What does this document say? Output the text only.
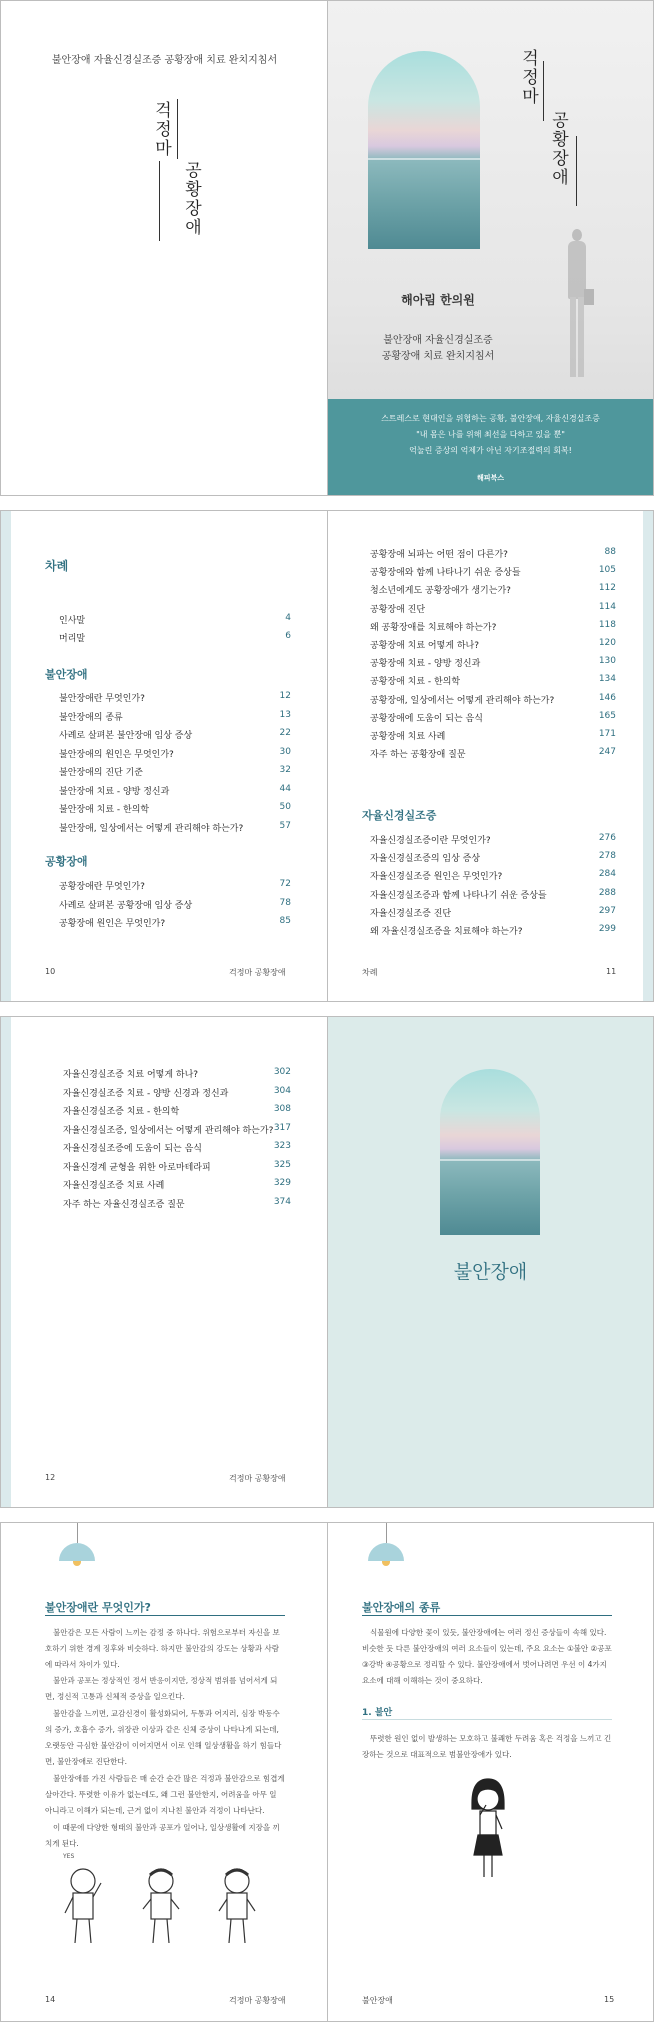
불안장애 자율신경실조증 공황장애 치료 완치지침서
걱정마
공황장애
걱정마
공황장애
해아림 한의원
불안장애 자율신경실조증
공황장애 치료 완치지침서
스트레스로 현대인을 위협하는 공황, 불안장애, 자율신경실조증
"내 몸은 나를 위해 최선을 다하고 있을 뿐"
억눌린 증상의 억제가 아닌 자기조절력의 회복!
해피북스
차례
인사말	4
머리말	6
불안장애
불안장애란 무엇인가?	12
불안장애의 종류	13
사례로 살펴본 불안장애 임상 증상	22
불안장애의 원인은 무엇인가?	30
불안장애의 진단 기준	32
불안장애 치료 - 양방 정신과	44
불안장애 치료 - 한의학	50
불안장애, 일상에서는 어떻게 관리해야 하는가?	57
공황장애
공황장애란 무엇인가?	72
사례로 살펴본 공황장애 임상 증상	78
공황장애 원인은 무엇인가?	85
10	걱정마 공황장애
공황장애 뇌파는 어떤 점이 다른가?	88
공황장애와 함께 나타나기 쉬운 증상들	105
청소년에게도 공황장애가 생기는가?	112
공황장애 진단	114
왜 공황장애를 치료해야 하는가?	118
공황장애 치료 어떻게 하나?	120
공황장애 치료 - 양방 정신과	130
공황장애 치료 - 한의학	134
공황장애, 일상에서는 어떻게 관리해야 하는가?	146
공황장애에 도움이 되는 음식	165
공황장애 치료 사례	171
자주 하는 공황장애 질문	247
자율신경실조증
자율신경실조증이란 무엇인가?	276
자율신경실조증의 임상 증상	278
자율신경실조증 원인은 무엇인가?	284
자율신경실조증과 함께 나타나기 쉬운 증상들	288
자율신경실조증 진단	297
왜 자율신경실조증을 치료해야 하는가?	299
차례	11
자율신경실조증 치료 어떻게 하나?	302
자율신경실조증 치료 - 양방 신경과 정신과	304
자율신경실조증 치료 - 한의학	308
자율신경실조증, 일상에서는 어떻게 관리해야 하는가? 317
자율신경실조증에 도움이 되는 음식	323
자율신경계 균형을 위한 아로마테라피	325
자율신경실조증 치료 사례	329
자주 하는 자율신경실조증 질문	374
12	걱정마 공황장애
불안장애
불안장애란 무엇인가?
불안감은 모든 사람이 느끼는 감정 중 하나다. 위험으로부터 자신을 보호하기 위한 경계 징후와 비슷하다. 하지만 불안감의 강도는 상황과 사람에 따라서 차이가 있다.
불안과 공포는 정상적인 정서 반응이지만, 정상적 범위를 넘어서게 되면, 정신적 고통과 신체적 증상을 일으킨다.
불안감을 느끼면, 교감신경이 활성화되어, 두통과 어지러, 심장 박동수의 증가, 호흡수 증가, 위장관 이상과 같은 신체 증상이 나타나게 되는데, 오랫동안 극심한 불안감이 이어지면서 이로 인해 일상생활을 하기 힘들다면, 불안장애로 진단한다.
불안장애를 가진 사람들은 매 순간 순간 많은 걱정과 불안감으로 힘겹게 살아간다. 뚜렷한 이유가 없는데도, 왜 그런 불안한지, 어려움을 아무 일 아니라고 이해가 되는데, 근거 없이 지나친 불안과 걱정이 나타난다.
이 때문에 다양한 형태의 불안과 공포가 일어나, 일상생활에 지장을 끼치게 된다.
YES
14	걱정마 공황장애
불안장애의 종류
식물원에 다양한 꽃이 있듯, 불안장애에는 여러 정신 증상들이 속해 있다. 비슷한 듯 다른 불안장애의 여러 요소들이 있는데, 주요 요소는 ①불안 ②공포 ③강박 ④공황으로 정리할 수 있다. 불안장애에서 벗어나려면 우선 이 4가지 요소에 대해 이해하는 것이 중요하다.
1. 불안
뚜렷한 원인 없이 발생하는 모호하고 불쾌한 두려움 혹은 걱정을 느끼고 긴장하는 것으로 대표적으로 범불안장애가 있다.
불안장애	15
